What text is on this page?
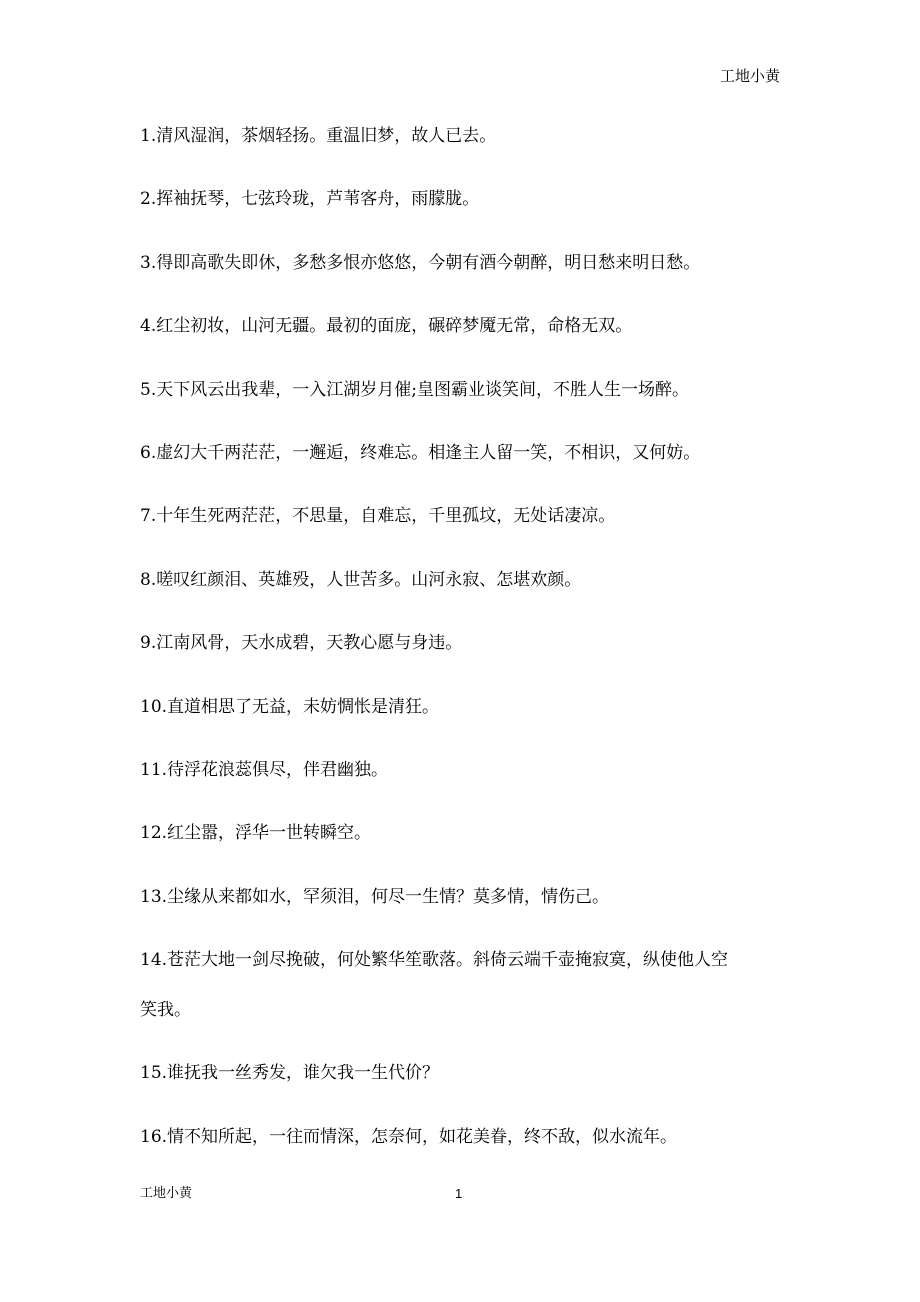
工地小黄
1.清风湿润，茶烟轻扬。重温旧梦，故人已去。
2.挥袖抚琴，七弦玲珑，芦苇客舟，雨朦胧。
3.得即高歌失即休，多愁多恨亦悠悠，今朝有酒今朝醉，明日愁来明日愁。
4.红尘初妆，山河无疆。最初的面庞，碾碎梦魇无常，命格无双。
5.天下风云出我辈，一入江湖岁月催;皇图霸业谈笑间，不胜人生一场醉。
6.虚幻大千两茫茫，一邂逅，终难忘。相逢主人留一笑，不相识，又何妨。
7.十年生死两茫茫，不思量，自难忘，千里孤坟，无处话凄凉。
8.嗟叹红颜泪、英雄殁，人世苦多。山河永寂、怎堪欢颜。
9.江南风骨，天水成碧，天教心愿与身违。
10.直道相思了无益，未妨惆怅是清狂。
11.待浮花浪蕊俱尽，伴君幽独。
12.红尘嚣，浮华一世转瞬空。
13.尘缘从来都如水，罕须泪，何尽一生情？莫多情，情伤己。
14.苍茫大地一剑尽挽破，何处繁华笙歌落。斜倚云端千壶掩寂寞，纵使他人空
笑我。
15.谁抚我一丝秀发，谁欠我一生代价？
16.情不知所起，一往而情深，怎奈何，如花美眷，终不敌，似水流年。
工地小黄	1
